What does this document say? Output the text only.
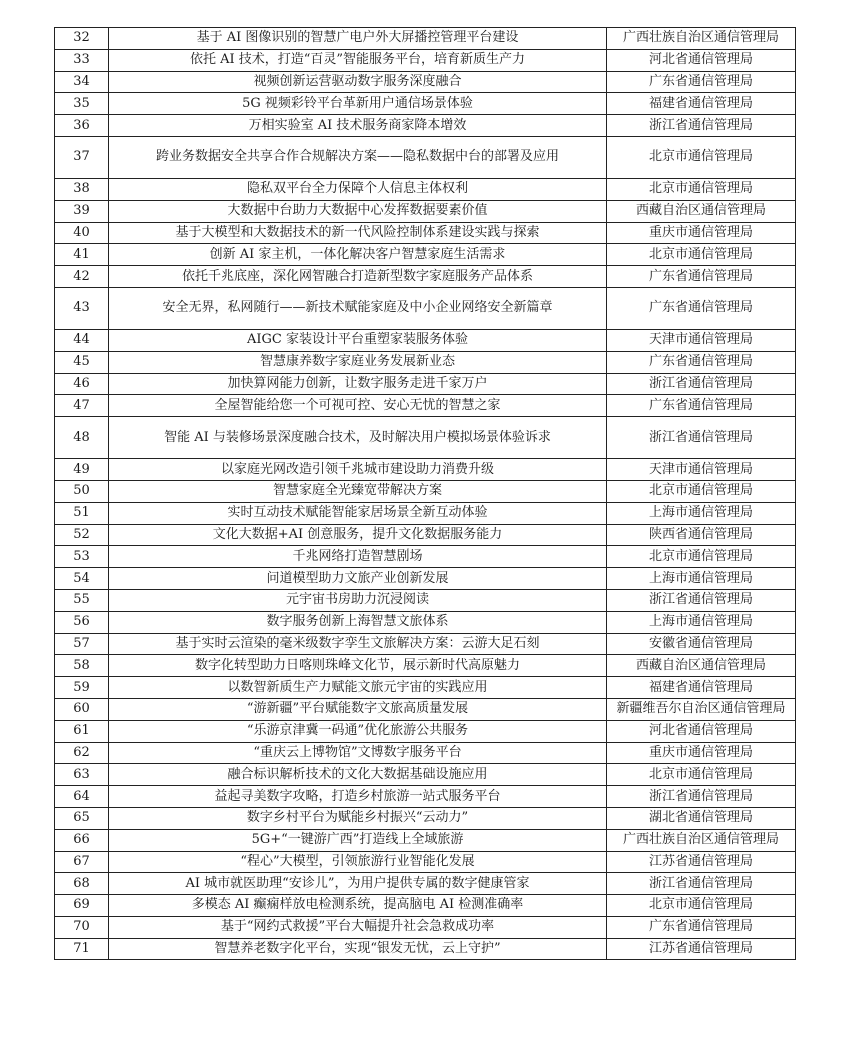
32	基于 AI 图像识别的智慧广电户外大屏播控管理平台建设	广西壮族自治区通信管理局
33	依托 AI 技术，打造“百灵”智能服务平台，培育新质生产力	河北省通信管理局
34	视频创新运营驱动数字服务深度融合	广东省通信管理局
35	5G 视频彩铃平台革新用户通信场景体验	福建省通信管理局
36	万相实验室 AI 技术服务商家降本增效	浙江省通信管理局
37	跨业务数据安全共享合作合规解决方案——隐私数据中台的部署及应用	北京市通信管理局
38	隐私双平台全力保障个人信息主体权利	北京市通信管理局
39	大数据中台助力大数据中心发挥数据要素价值	西藏自治区通信管理局
40	基于大模型和大数据技术的新一代风险控制体系建设实践与探索	重庆市通信管理局
41	创新 AI 家主机，一体化解决客户智慧家庭生活需求	北京市通信管理局
42	依托千兆底座，深化网智融合打造新型数字家庭服务产品体系	广东省通信管理局
43	安全无界，私网随行——新技术赋能家庭及中小企业网络安全新篇章	广东省通信管理局
44	AIGC 家装设计平台重塑家装服务体验	天津市通信管理局
45	智慧康养数字家庭业务发展新业态	广东省通信管理局
46	加快算网能力创新，让数字服务走进千家万户	浙江省通信管理局
47	全屋智能给您一个可视可控、安心无忧的智慧之家	广东省通信管理局
48	智能 AI 与装修场景深度融合技术，及时解决用户模拟场景体验诉求	浙江省通信管理局
49	以家庭光网改造引领千兆城市建设助力消费升级	天津市通信管理局
50	智慧家庭全光臻宽带解决方案	北京市通信管理局
51	实时互动技术赋能智能家居场景全新互动体验	上海市通信管理局
52	文化大数据+AI 创意服务，提升文化数据服务能力	陕西省通信管理局
53	千兆网络打造智慧剧场	北京市通信管理局
54	问道模型助力文旅产业创新发展	上海市通信管理局
55	元宇宙书房助力沉浸阅读	浙江省通信管理局
56	数字服务创新上海智慧文旅体系	上海市通信管理局
57	基于实时云渲染的毫米级数字孪生文旅解决方案：云游大足石刻	安徽省通信管理局
58	数字化转型助力日喀则珠峰文化节，展示新时代高原魅力	西藏自治区通信管理局
59	以数智新质生产力赋能文旅元宇宙的实践应用	福建省通信管理局
60	“游新疆”平台赋能数字文旅高质量发展	新疆维吾尔自治区通信管理局
61	“乐游京津冀一码通”优化旅游公共服务	河北省通信管理局
62	“重庆云上博物馆”文博数字服务平台	重庆市通信管理局
63	融合标识解析技术的文化大数据基础设施应用	北京市通信管理局
64	益起寻美数字攻略，打造乡村旅游一站式服务平台	浙江省通信管理局
65	数字乡村平台为赋能乡村振兴“云动力”	湖北省通信管理局
66	5G+“一键游广西”打造线上全域旅游	广西壮族自治区通信管理局
67	“程心”大模型，引领旅游行业智能化发展	江苏省通信管理局
68	AI 城市就医助理“安诊儿”，为用户提供专属的数字健康管家	浙江省通信管理局
69	多模态 AI 癫痫样放电检测系统，提高脑电 AI 检测准确率	北京市通信管理局
70	基于“网约式救援”平台大幅提升社会急救成功率	广东省通信管理局
71	智慧养老数字化平台，实现“银发无忧，云上守护”	江苏省通信管理局
